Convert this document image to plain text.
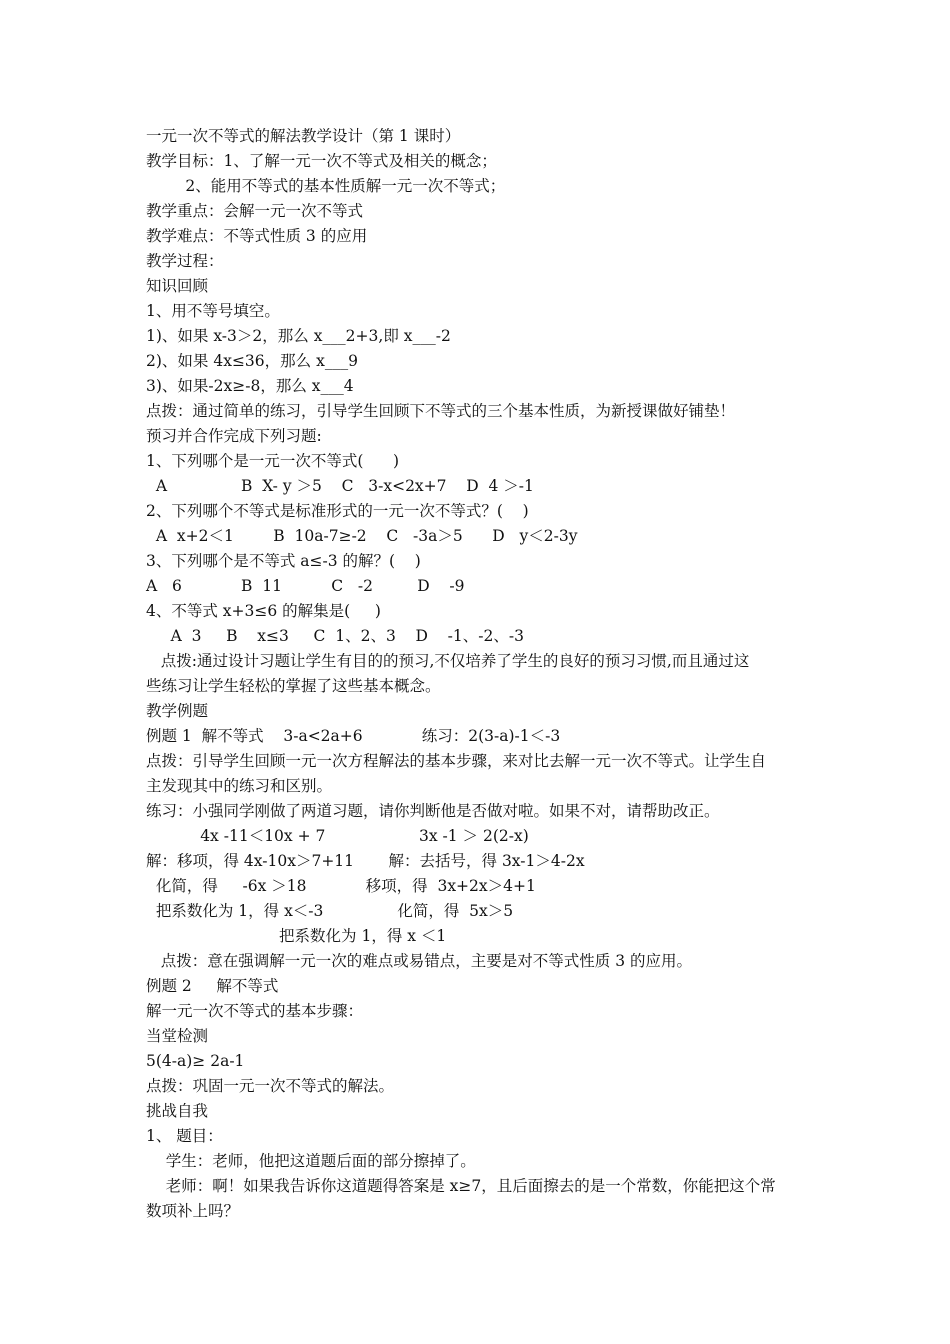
一元一次不等式的解法教学设计（第 1 课时）
教学目标：1、了解一元一次不等式及相关的概念；
2、能用不等式的基本性质解一元一次不等式；
教学重点：会解一元一次不等式
教学难点：不等式性质 3 的应用
教学过程：
知识回顾
1、用不等号填空。
1)、如果 x-3＞2，那么 x___2+3,即 x___-2
2)、如果 4x≤36，那么 x___9
3)、如果-2x≥-8，那么 x___4
点拨：通过简单的练习，引导学生回顾下不等式的三个基本性质，为新授课做好铺垫！
预习并合作完成下列习题:
1、下列哪个是一元一次不等式(      )
A               B  X- y ＞5    C   3-x<2x+7    D  4 ＞-1
2、下列哪个不等式是标准形式的一元一次不等式？(    )
A  x+2＜1        B  10a-7≥-2    C   -3a＞5      D   y＜2-3y
3、下列哪个是不等式 a≤-3 的解？(    )
A   6            B  11          C   -2         D    -9
4、不等式 x+3≤6 的解集是(     )
A  3     B    x≤3     C  1、2、3    D    -1、-2、-3
点拨:通过设计习题让学生有目的的预习,不仅培养了学生的良好的预习习惯,而且通过这
些练习让学生轻松的掌握了这些基本概念。
教学例题
例题 1  解不等式    3-a<2a+6            练习：2(3-a)-1＜-3
点拨：引导学生回顾一元一次方程解法的基本步骤，来对比去解一元一次不等式。让学生自
主发现其中的练习和区别。
练习：小强同学刚做了两道习题，请你判断他是否做对啦。如果不对，请帮助改正。
4x -11＜10x + 7                   3x -1 ＞ 2(2-x)
解：移项，得 4x-10x＞7+11       解：去括号，得 3x-1＞4-2x
化简，得     -6x ＞18            移项，得  3x+2x＞4+1
把系数化为 1，得 x＜-3               化简，得  5x＞5
把系数化为 1，得 x ＜1
点拨：意在强调解一元一次的难点或易错点，主要是对不等式性质 3 的应用。
例题 2     解不等式
解一元一次不等式的基本步骤：
当堂检测
5(4-a)≥ 2a-1
点拨：巩固一元一次不等式的解法。
挑战自我
1、 题目：
学生：老师，他把这道题后面的部分擦掉了。
老师：啊！如果我告诉你这道题得答案是 x≥7，且后面擦去的是一个常数，你能把这个常
数项补上吗？
